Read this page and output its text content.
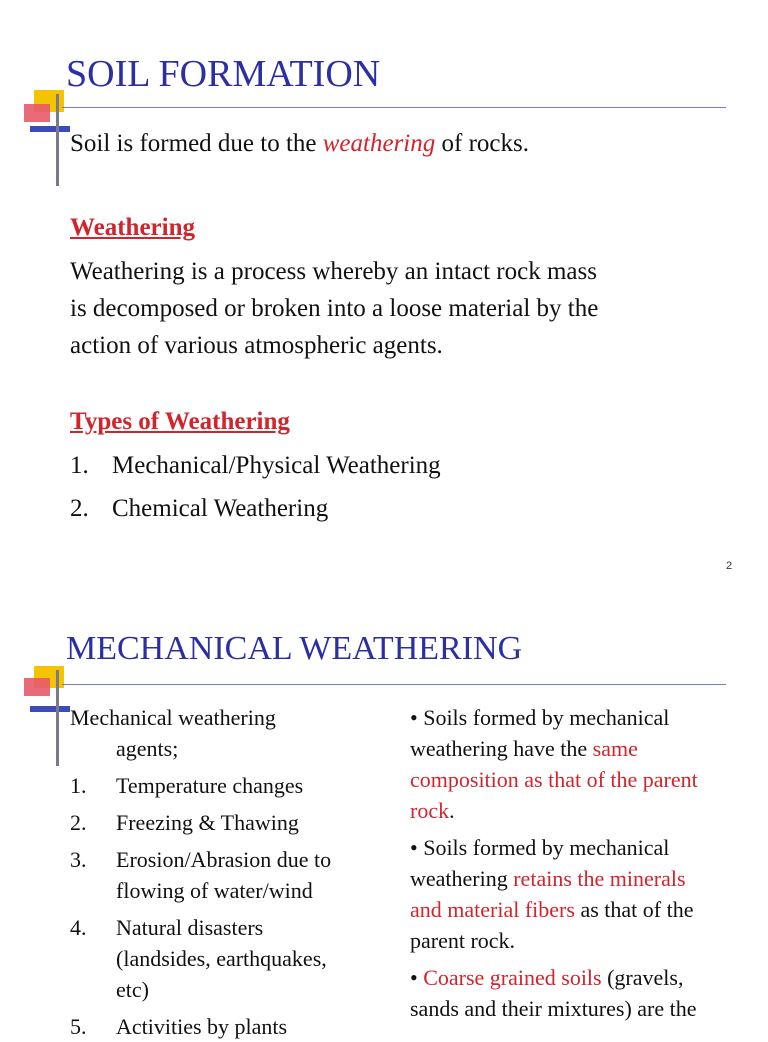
SOIL FORMATION
Soil is formed due to the weathering of rocks.
Weathering
Weathering is a process whereby an intact rock mass
is decomposed or broken into a loose material by the
action of various atmospheric agents.
Types of Weathering
1. Mechanical/Physical Weathering
2. Chemical Weathering
2
MECHANICAL WEATHERING
Mechanical weathering
agents;
1. Temperature changes
2. Freezing & Thawing
3. Erosion/Abrasion due to
flowing of water/wind
4. Natural disasters
(landsides, earthquakes,
etc)
5. Activities by plants
• Soils formed by mechanical
weathering have the same
composition as that of the parent
rock.
• Soils formed by mechanical
weathering retains the minerals
and material fibers as that of the
parent rock.
• Coarse grained soils (gravels,
sands and their mixtures) are the
